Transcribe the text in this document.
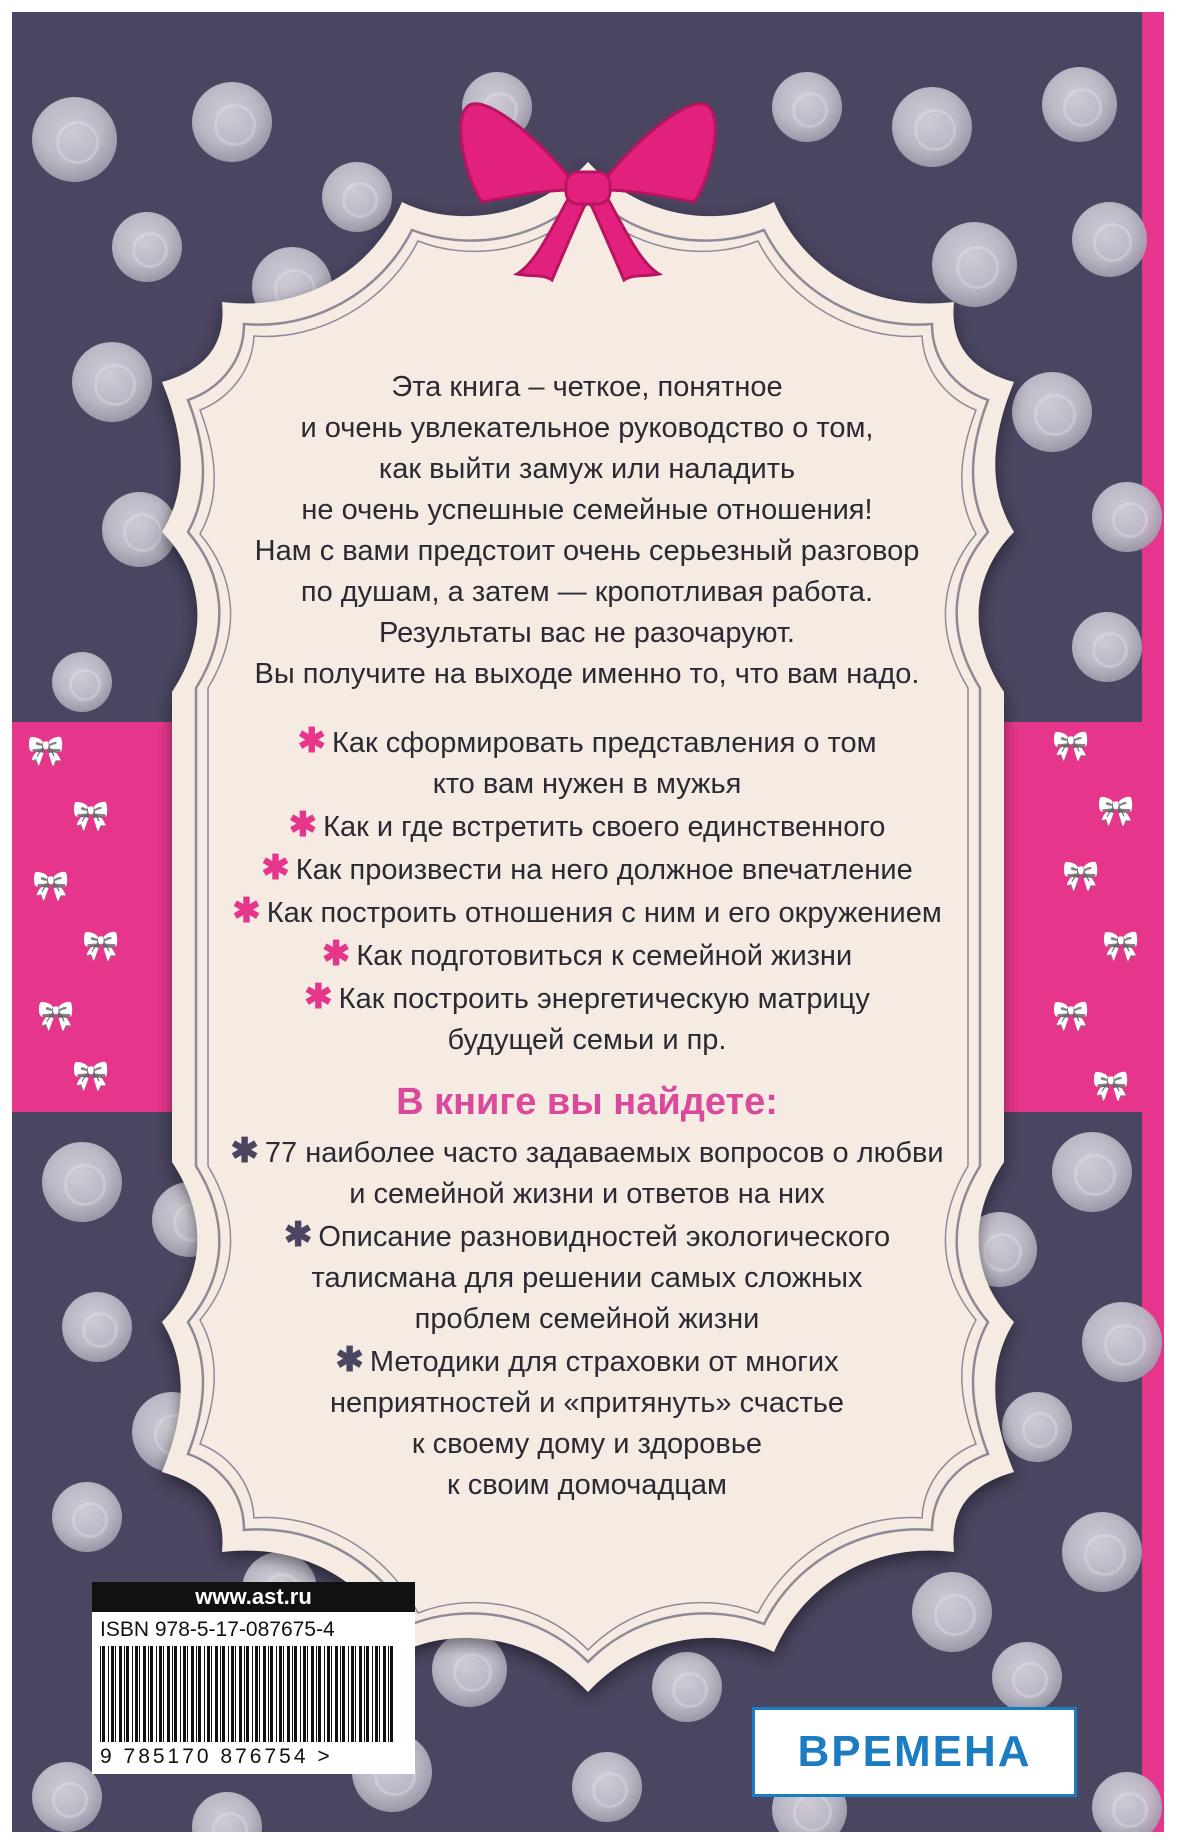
🎀
🎀
🎀
🎀
🎀
🎀
🎀
🎀
🎀
🎀
🎀
🎀
Эта книга – четкое, понятное
и очень увлекательное руководство о том,
как выйти замуж или наладить
не очень успешные семейные отношения!
Нам с вами предстоит очень серьезный разговор
по душам, а затем — кропотливая работа.
Результаты вас не разочаруют.
Вы получите на выходе именно то, что вам надо.
✱ Как сформировать представления о том
кто вам нужен в мужья
✱ Как и где встретить своего единственного
✱ Как произвести на него должное впечатление
✱ Как построить отношения с ним и его окружением
✱ Как подготовиться к семейной жизни
✱ Как построить энергетическую матрицу
будущей семьи и пр.
В книге вы найдете:
✱ 77 наиболее часто задаваемых вопросов о любви
и семейной жизни и ответов на них
✱ Описание разновидностей экологического
талисмана для решении самых сложных
проблем семейной жизни
✱ Методики для страховки от многих
неприятностей и «притянуть» счастье
к своему дому и здоровье
к своим домочадцам
www.ast.ru
ISBN 978-5-17-087675-4
9 785170 876754 >	ВРЕМЕНА
